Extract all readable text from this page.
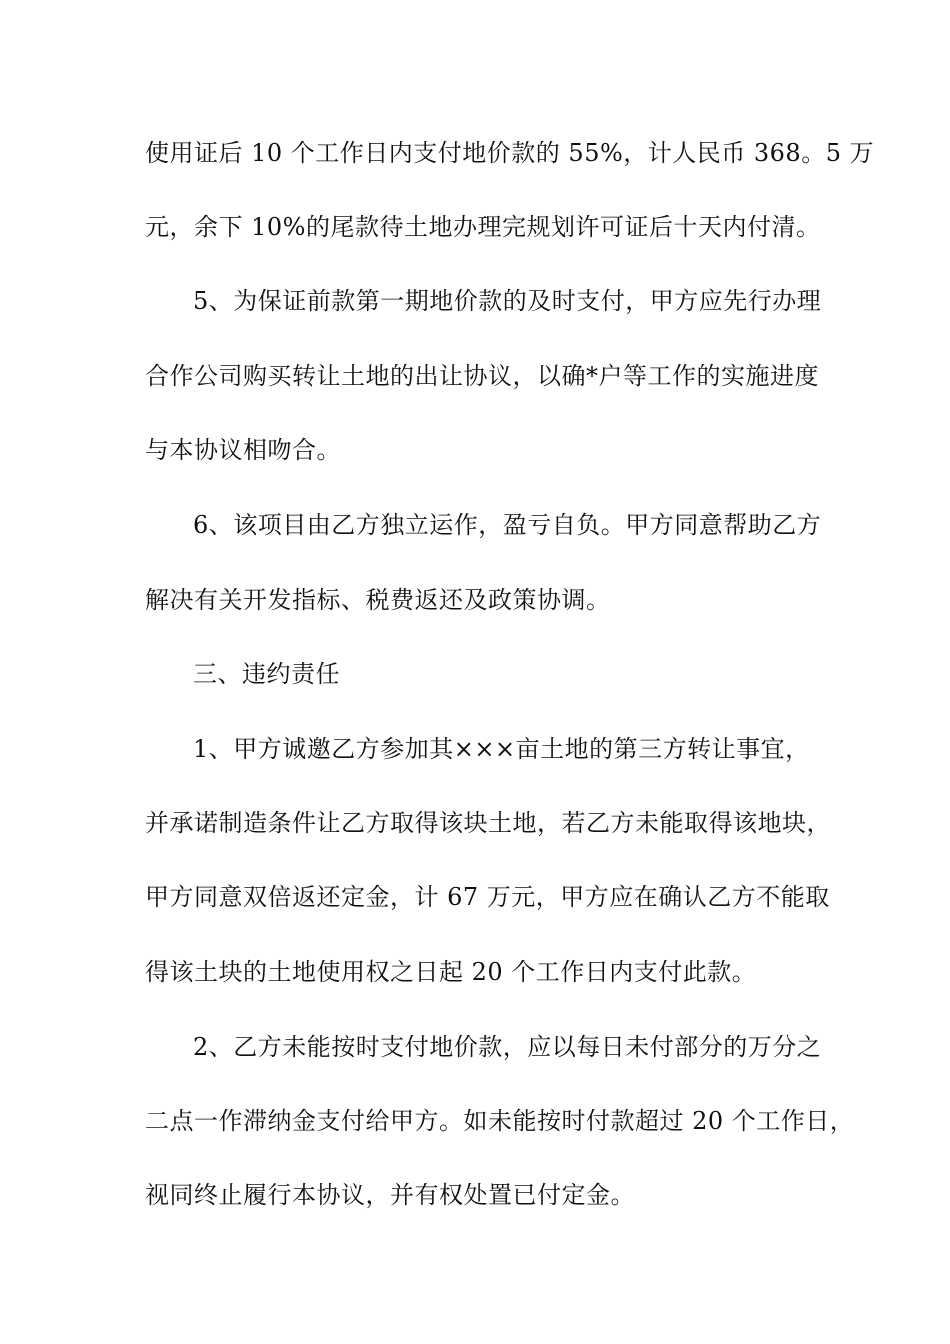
使用证后 10 个工作日内支付地价款的 55%，计人民币 368。5 万
元，余下 10%的尾款待土地办理完规划许可证后十天内付清。
5、为保证前款第一期地价款的及时支付，甲方应先行办理
合作公司购买转让土地的出让协议，以确*户等工作的实施进度
与本协议相吻合。
6、该项目由乙方独立运作，盈亏自负。甲方同意帮助乙方
解决有关开发指标、税费返还及政策协调。
三、违约责任
1、甲方诚邀乙方参加其×××亩土地的第三方转让事宜，
并承诺制造条件让乙方取得该块土地，若乙方未能取得该地块，
甲方同意双倍返还定金，计 67 万元，甲方应在确认乙方不能取
得该土块的土地使用权之日起 20 个工作日内支付此款。
2、乙方未能按时支付地价款，应以每日未付部分的万分之
二点一作滞纳金支付给甲方。如未能按时付款超过 20 个工作日，
视同终止履行本协议，并有权处置已付定金。
